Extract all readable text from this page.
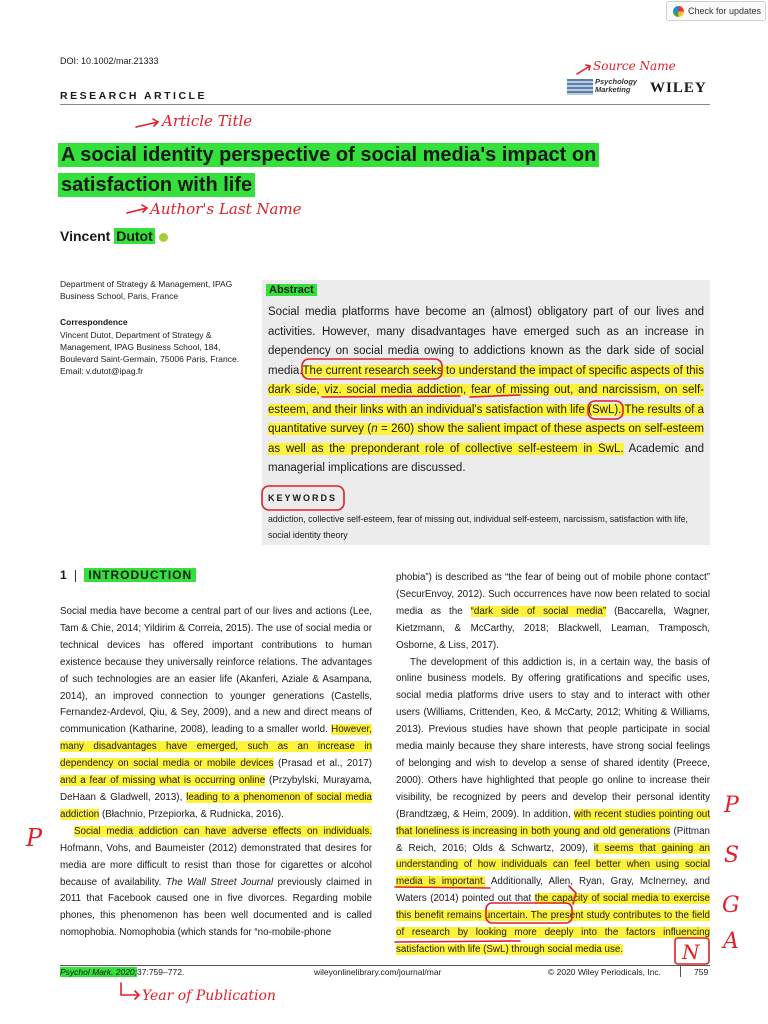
Check for updates
DOI: 10.1002/mar.21333
RESEARCH ARTICLE
Psychology Marketing	WILEY
A social identity perspective of social media's impact on
satisfaction with life
Vincent Dutot
Department of Strategy & Management, IPAG Business School, Paris, France
Correspondence
Vincent Dutot, Department of Strategy & Management, IPAG Business School, 184, Boulevard Saint-Germain, 75006 Paris, France.
Email: v.dutot@ipag.fr
Abstract
Social media platforms have become an (almost) obligatory part of our lives and activities. However, many disadvantages have emerged such as an increase in dependency on social media owing to addictions known as the dark side of social media.The current research seeks to understand the impact of specific aspects of this dark side, viz. social media addiction, fear of missing out, and narcissism, on self-esteem, and their links with an individual's satisfaction with life (SwL). The results of a quantitative survey (n = 260) show the salient impact of these aspects on self-esteem as well as the preponderant role of collective self-esteem in SwL. Academic and managerial implications are discussed.
KEYWORDS
addiction, collective self-esteem, fear of missing out, individual self-esteem, narcissism, satisfaction with life, social identity theory
1 INTRODUCTION

Social media have become a central part of our lives and actions (Lee, Tam & Chie, 2014; Yildirim & Correia, 2015). The use of social media or technical devices has offered important contributions to human existence because they universally reinforce relations. The advantages of such technologies are an easier life (Akanferi, Aziale & Asampana, 2014), an improved connection to younger generations (Castells, Fernandez-Ardevol, Qiu, & Sey, 2009), and a new and direct means of communication (Katharine, 2008), leading to a smaller world. However, many disadvantages have emerged, such as an increase in dependency on social media or mobile devices (Prasad et al., 2017) and a fear of missing what is occurring online (Przybylski, Murayama, DeHaan & Gladwell, 2013), leading to a phenomenon of social media addiction (Błachnio, Przepiorka, & Rudnicka, 2016).

Social media addiction can have adverse effects on individuals. Hofmann, Vohs, and Baumeister (2012) demonstrated that desires for media are more difficult to resist than those for cigarettes or alcohol because of availability. The Wall Street Journal previously claimed in 2011 that Facebook caused one in five divorces. Regarding mobile phones, this phenomenon has been well documented and is called nomophobia. Nomophobia (which stands for “no-mobile-phone

phobia”) is described as “the fear of being out of mobile phone contact” (SecurEnvoy, 2012). Such occurrences have now been related to social media as the “dark side of social media” (Baccarella, Wagner, Kietzmann, & McCarthy, 2018; Blackwell, Leaman, Tramposch, Osborne, & Liss, 2017).

The development of this addiction is, in a certain way, the basis of online business models. By offering gratifications and specific uses, social media platforms drive users to stay and to interact with other users (Williams, Crittenden, Keo, & McCarty, 2012; Whiting & Williams, 2013). Previous studies have shown that people participate in social media mainly because they share interests, have strong social feelings of belonging and wish to develop a sense of shared identity (Preece, 2000). Others have highlighted that people go online to increase their visibility, be recognized by peers and develop their personal identity (Brandtzæg, & Heim, 2009). In addition, with recent studies pointing out that loneliness is increasing in both young and old generations (Pittman & Reich, 2016; Olds & Schwartz, 2009), it seems that gaining an understanding of how individuals can feel better when using social media is important. Additionally, Allen, Ryan, Gray, McInerney, and Waters (2014) pointed out that the capacity of social media to exercise this benefit remains uncertain. The present study contributes to the field of research by looking more deeply into the factors influencing satisfaction with life (SwL) through social media use.

Psychol Mark. 2020;37:759–772.	wileyonlinelibrary.com/journal/mar	© 2020 Wiley Periodicals, Inc.	759
Source Name
Article Title
Author's Last Name
Year of Publication
P
P
S
G
A
N
